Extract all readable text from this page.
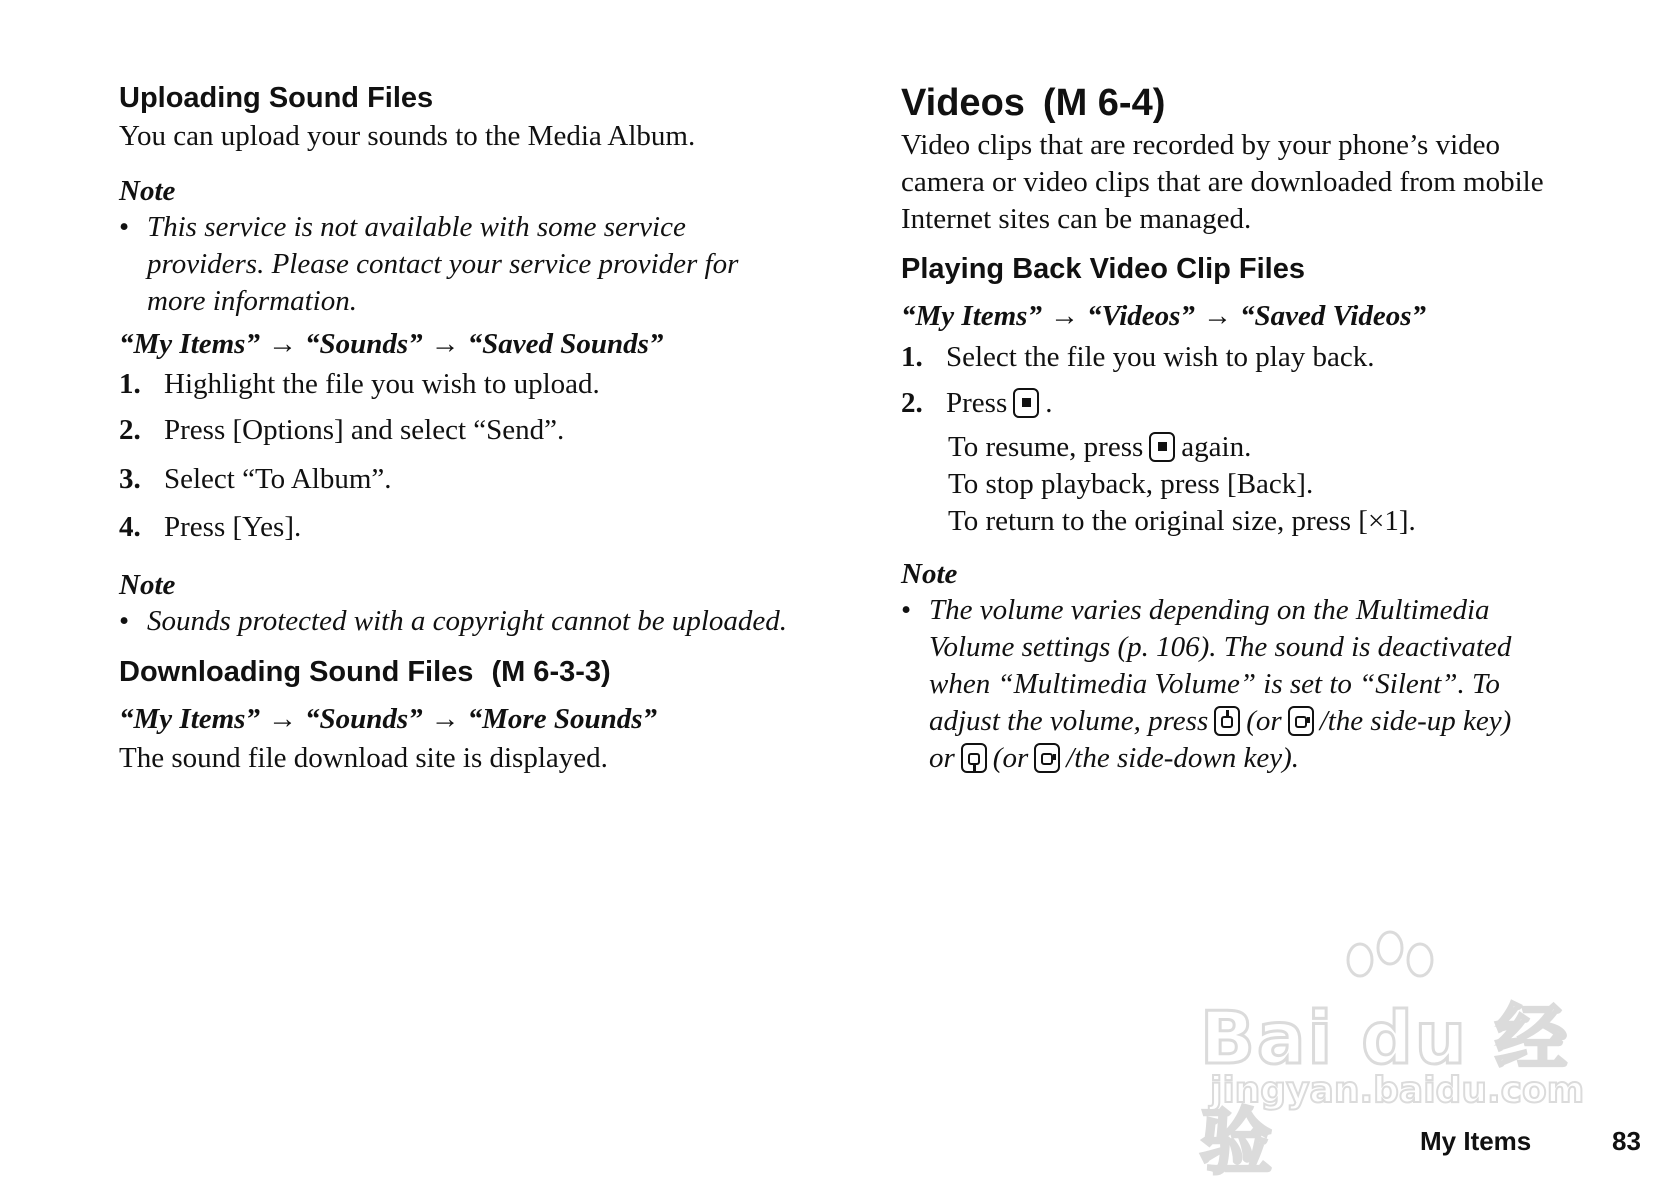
Uploading Sound Files
You can upload your sounds to the Media Album.
Note
• This service is not available with some service
providers. Please contact your service provider for
more information.
“My Items” → “Sounds” → “Saved Sounds”
1. Highlight the file you wish to upload.
2. Press [Options] and select “Send”.
3. Select “To Album”.
4. Press [Yes].
Note
• Sounds protected with a copyright cannot be uploaded.
Downloading Sound Files (M 6-3-3)
“My Items” → “Sounds” → “More Sounds”
The sound file download site is displayed.
Videos (M 6-4)
Video clips that are recorded by your phone’s video
camera or video clips that are downloaded from mobile
Internet sites can be managed.
Playing Back Video Clip Files
“My Items” → “Videos” → “Saved Videos”
1. Select the file you wish to play back.
2. Press .
To resume, press again.
To stop playback, press [Back].
To return to the original size, press [×1].
Note
• The volume varies depending on the Multimedia
Volume settings (p. 106). The sound is deactivated
when “Multimedia Volume” is set to “Silent”. To
adjust the volume, press (or /the side-up key)
or (or /the side-down key).
Bai du 经验
jingyan.baidu.com
My Items	83
